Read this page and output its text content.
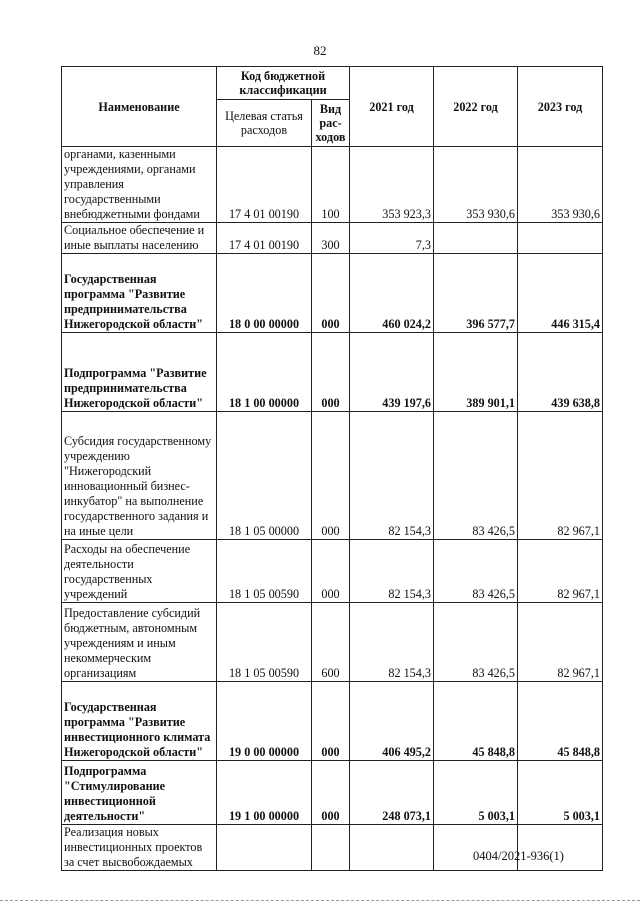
82
Наименование	Код бюджетной классификации		2021 год	2022 год	2023 год
	Целевая статья расходов	Вид рас-ходов			
органами, казенными учреждениями, органами управления государственными внебюджетными фондами	17 4 01 00190	100	353 923,3	353 930,6	353 930,6
Социальное обеспечение и иные выплаты населению	17 4 01 00190	300	7,3		
Государственная программа "Развитие предпринимательства Нижегородской области"	18 0 00 00000	000	460 024,2	396 577,7	446 315,4
Подпрограмма "Развитие предпринимательства Нижегородской области"	18 1 00 00000	000	439 197,6	389 901,1	439 638,8
Субсидия государственному учреждению "Нижегородский инновационный бизнес-инкубатор" на выполнение государственного задания и на иные цели	18 1 05 00000	000	82 154,3	83 426,5	82 967,1
Расходы на обеспечение деятельности государственных учреждений	18 1 05 00590	000	82 154,3	83 426,5	82 967,1
Предоставление субсидий бюджетным, автономным учреждениям и иным некоммерческим организациям	18 1 05 00590	600	82 154,3	83 426,5	82 967,1
Государственная программа "Развитие инвестиционного климата Нижегородской области"	19 0 00 00000	000	406 495,2	45 848,8	45 848,8
Подпрограмма "Стимулирование инвестиционной деятельности"	19 1 00 00000	000	248 073,1	5 003,1	5 003,1
Реализация новых инвестиционных проектов за счет высвобождаемых						0404/2021-936(1)
